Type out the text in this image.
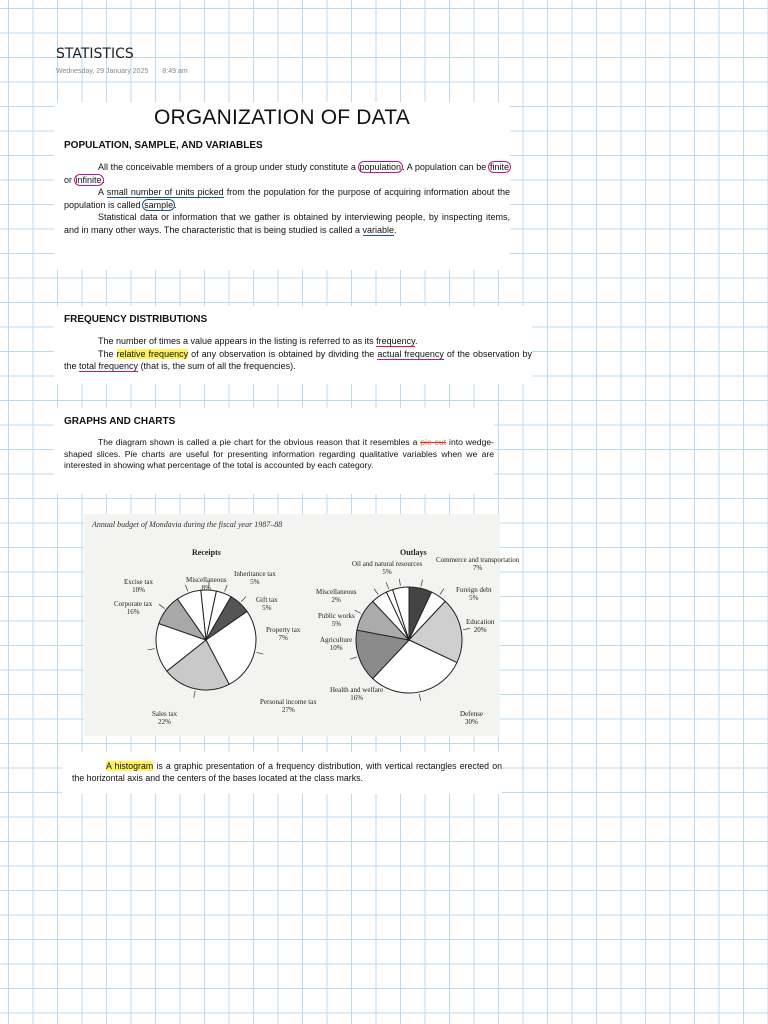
STATISTICS
Wednesday, 29 January 2025 8:49 am
ORGANIZATION OF DATA
POPULATION, SAMPLE, AND VARIABLES

All the conceivable members of a group under study constitute a population. A population can be finite or infinite.

A small number of units picked from the population for the purpose of acquiring information about the population is called sample.

Statistical data or information that we gather is obtained by interviewing people, by inspecting items, and in many other ways. The characteristic that is being studied is called a variable.

FREQUENCY DISTRIBUTIONS

The number of times a value appears in the listing is referred to as its frequency.

The relative frequency of any observation is obtained by dividing the actual frequency of the observation by the total frequency (that is, the sum of all the frequencies).

GRAPHS AND CHARTS

The diagram shown is called a pie chart for the obvious reason that it resembles a pie cut into wedge-shaped slices. Pie charts are useful for presenting information regarding qualitative variables when we are interested in showing what percentage of the total is accounted by each category.

Annual budget of Mondavia during the fiscal year 1987–88
Receipts
Inheritance tax
5%
Gift tax
5%
Property tax
7%
Personal income tax
27%
Sales tax
22%
Corporate tax
16%
Excise tax
10%
Miscellaneous
8%
Outlays
Commerce and transportation
7%
Foreign debt
5%
Education
20%
Defense
30%
Health and welfare
16%
Agriculture
10%
Public works
5%
Miscellaneous
2%
Oil and natural resources
5%

A histogram is a graphic presentation of a frequency distribution, with vertical rectangles erected on the horizontal axis and the centers of the bases located at the class marks.
